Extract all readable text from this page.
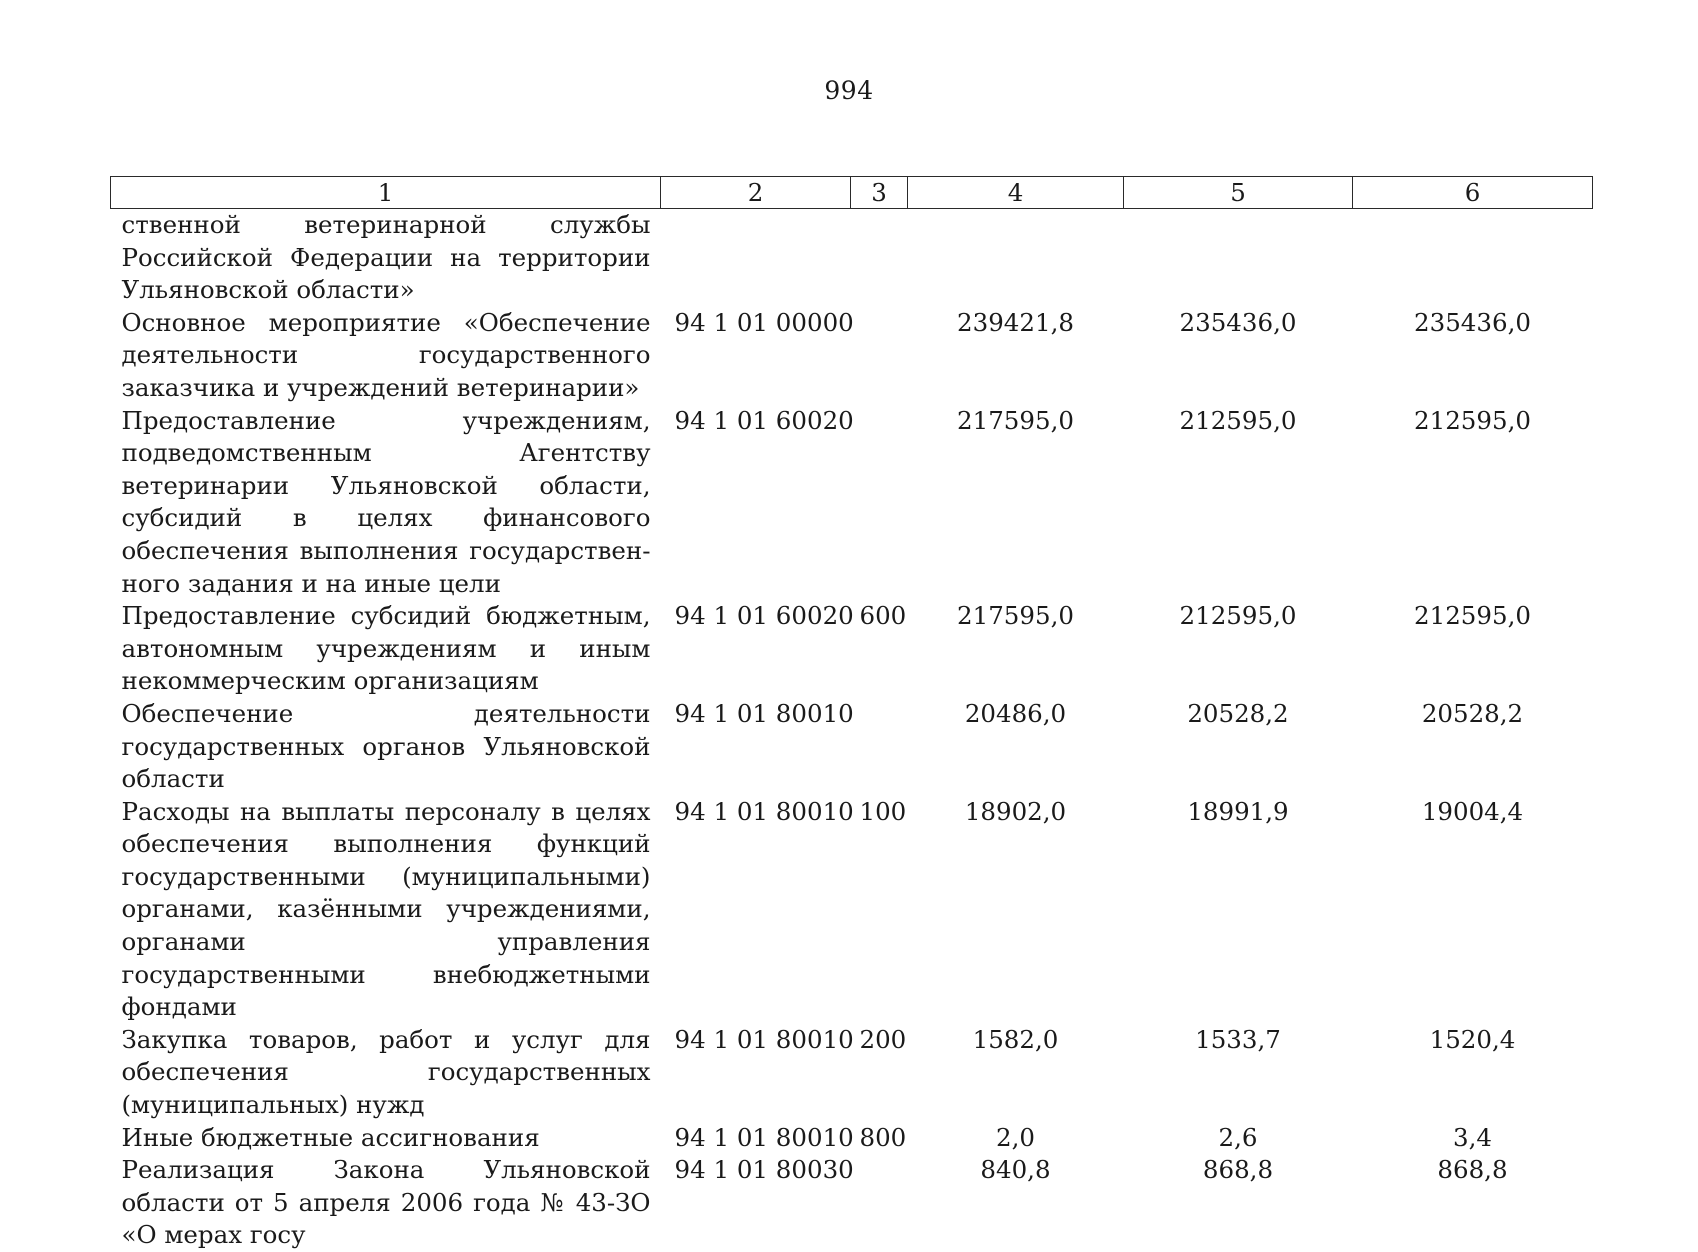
994
1	2	3	4	5	6
ственной ветеринарной службы Российской Федерации на территории Ульяновской области»					
Основное мероприятие «Обеспечение деятельности государственного заказчика и учреждений ветеринарии»	94 1 01 00000		239421,8	235436,0	235436,0
Предоставление учреждениям, подведомственным Агентству ветеринарии Ульяновской области, субсидий в целях финансового обеспечения выполнения государственного задания и на иные цели	94 1 01 60020		217595,0	212595,0	212595,0
Предоставление субсидий бюджетным, автономным учреждениям и иным некоммерческим организациям	94 1 01 60020	600	217595,0	212595,0	212595,0
Обеспечение деятельности государственных органов Ульяновской области	94 1 01 80010		20486,0	20528,2	20528,2
Расходы на выплаты персоналу в целях обеспечения выполнения функций государственными (муниципальными) органами, казёнными учреждениями, органами управления государственными внебюджетными фондами	94 1 01 80010	100	18902,0	18991,9	19004,4
Закупка товаров, работ и услуг для обеспечения государственных (муниципальных) нужд	94 1 01 80010	200	1582,0	1533,7	1520,4
Иные бюджетные ассигнования	94 1 01 80010	800	2,0	2,6	3,4
Реализация Закона Ульяновской области от 5 апреля 2006 года № 43-ЗО «О мерах госу	94 1 01 80030		840,8	868,8	868,8
